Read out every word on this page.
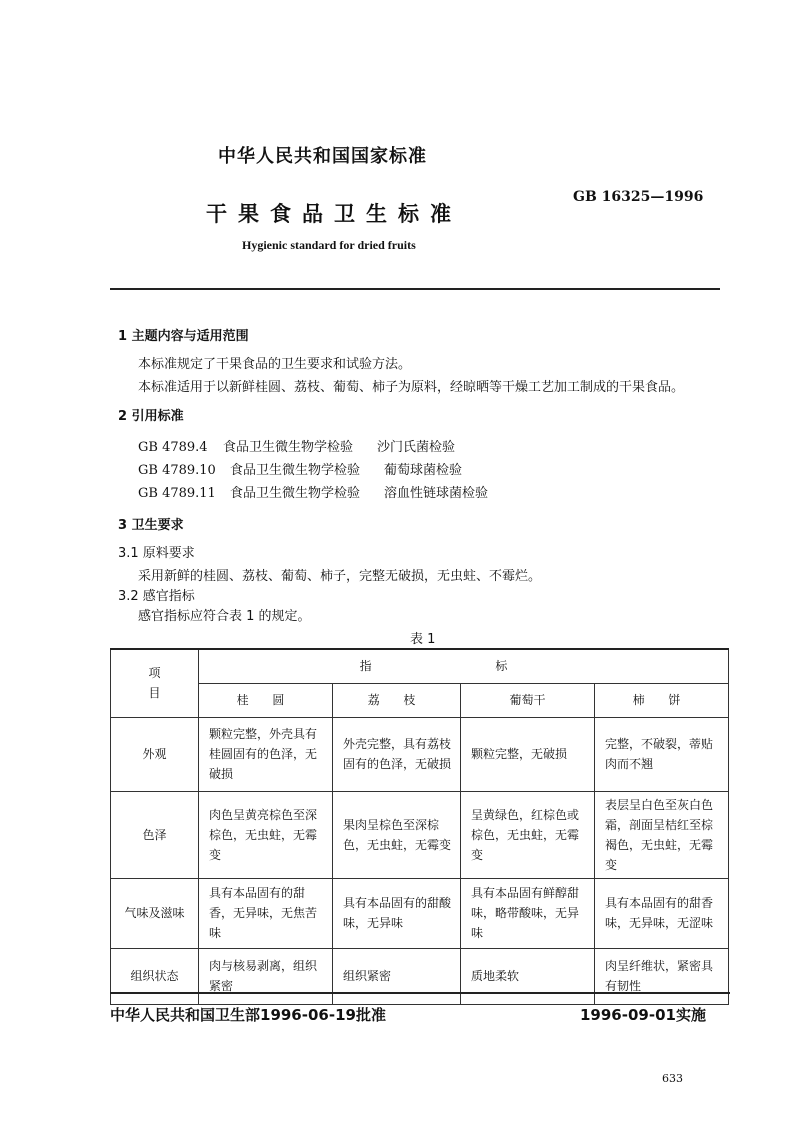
中华人民共和国国家标准
干果食品卫生标准
GB 16325—1996
Hygienic standard for dried fruits
1 主题内容与适用范围
本标准规定了干果食品的卫生要求和试验方法。
本标准适用于以新鲜桂圆、荔枝、葡萄、柿子为原料，经晾晒等干燥工艺加工制成的干果食品。
2 引用标准
GB 4789.4 食品卫生微生物学检验 沙门氏菌检验
GB 4789.10 食品卫生微生物学检验 葡萄球菌检验
GB 4789.11 食品卫生微生物学检验 溶血性链球菌检验
3 卫生要求
3.1 原料要求
采用新鲜的桂圆、荔枝、葡萄、柿子，完整无破损，无虫蛀、不霉烂。
3.2 感官指标
感官指标应符合表 1 的规定。
表 1
项 目	指 标			
	桂 圆	荔 枝	葡萄干	柿 饼
外观	颗粒完整，外壳具有桂圆固有的色泽，无破损	外壳完整，具有荔枝固有的色泽，无破损	颗粒完整，无破损	完整，不破裂，蒂贴肉而不翘
色泽	肉色呈黄亮棕色至深棕色，无虫蛀，无霉变	果肉呈棕色至深棕色，无虫蛀，无霉变	呈黄绿色，红棕色或棕色，无虫蛀，无霉变	表层呈白色至灰白色霜，剖面呈桔红至棕褐色，无虫蛀，无霉变
气味及滋味	具有本品固有的甜香，无异味，无焦苦味	具有本品固有的甜酸味，无异味	具有本品固有鲜醇甜味，略带酸味，无异味	具有本品固有的甜香味，无异味，无涩味
组织状态	肉与核易剥离，组织紧密	组织紧密	质地柔软	肉呈纤维状，紧密具有韧性
中华人民共和国卫生部1996-06-19批准	1996-09-01实施
633
